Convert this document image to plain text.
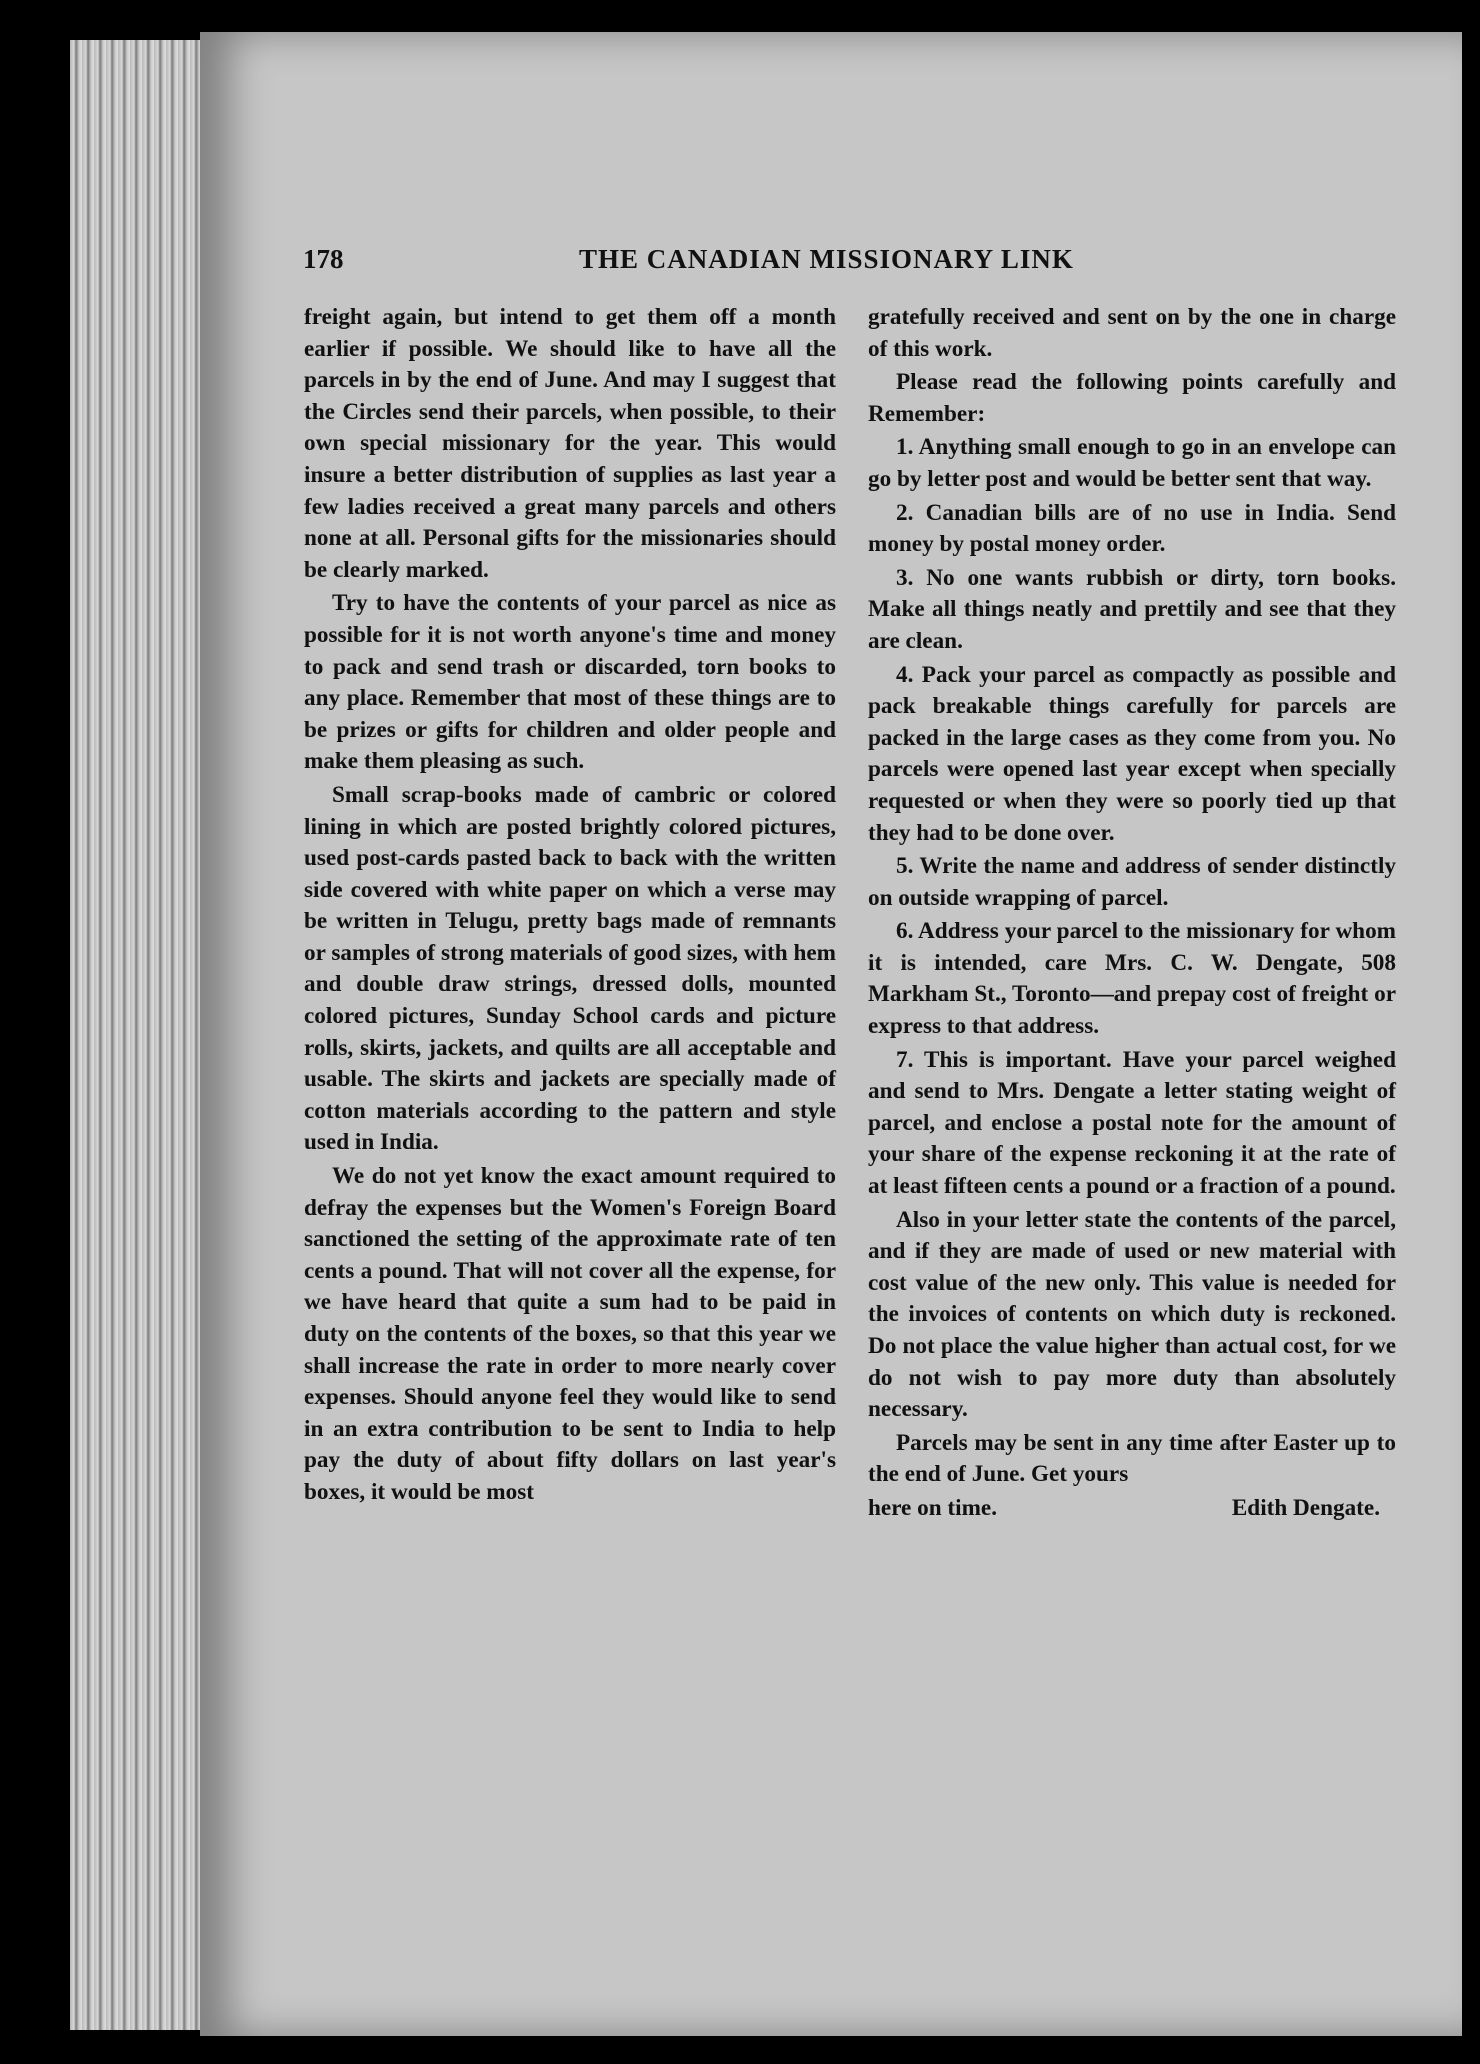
178	THE CANADIAN MISSIONARY LINK

freight again, but intend to get them off a month earlier if possible. We should like to have all the parcels in by the end of June. And may I suggest that the Circles send their parcels, when possible, to their own special missionary for the year. This would insure a better distribution of supplies as last year a few ladies received a great many parcels and others none at all. Personal gifts for the missionaries should be clearly marked.

Try to have the contents of your parcel as nice as possible for it is not worth anyone's time and money to pack and send trash or discarded, torn books to any place. Remember that most of these things are to be prizes or gifts for children and older people and make them pleasing as such.

Small scrap-books made of cambric or colored lining in which are posted brightly colored pictures, used post-cards pasted back to back with the written side covered with white paper on which a verse may be written in Telugu, pretty bags made of remnants or samples of strong materials of good sizes, with hem and double draw strings, dressed dolls, mounted colored pictures, Sunday School cards and picture rolls, skirts, jackets, and quilts are all acceptable and usable. The skirts and jackets are specially made of cotton materials according to the pattern and style used in India.

We do not yet know the exact amount required to defray the expenses but the Women's Foreign Board sanctioned the setting of the approximate rate of ten cents a pound. That will not cover all the expense, for we have heard that quite a sum had to be paid in duty on the contents of the boxes, so that this year we shall increase the rate in order to more nearly cover expenses. Should anyone feel they would like to send in an extra contribution to be sent to India to help pay the duty of about fifty dollars on last year's boxes, it would be most

gratefully received and sent on by the one in charge of this work.

Please read the following points carefully and Remember:

1. Anything small enough to go in an envelope can go by letter post and would be better sent that way.

2. Canadian bills are of no use in India. Send money by postal money order.

3. No one wants rubbish or dirty, torn books. Make all things neatly and prettily and see that they are clean.

4. Pack your parcel as compactly as possible and pack breakable things carefully for parcels are packed in the large cases as they come from you. No parcels were opened last year except when specially requested or when they were so poorly tied up that they had to be done over.

5. Write the name and address of sender distinctly on outside wrapping of parcel.

6. Address your parcel to the missionary for whom it is intended, care Mrs. C. W. Dengate, 508 Markham St., Toronto—and prepay cost of freight or express to that address.

7. This is important. Have your parcel weighed and send to Mrs. Dengate a letter stating weight of parcel, and enclose a postal note for the amount of your share of the expense reckoning it at the rate of at least fifteen cents a pound or a fraction of a pound.

Also in your letter state the contents of the parcel, and if they are made of used or new material with cost value of the new only. This value is needed for the invoices of contents on which duty is reckoned. Do not place the value higher than actual cost, for we do not wish to pay more duty than absolutely necessary.

Parcels may be sent in any time after Easter up to the end of June. Get yours

here on time.	Edith Dengate.
